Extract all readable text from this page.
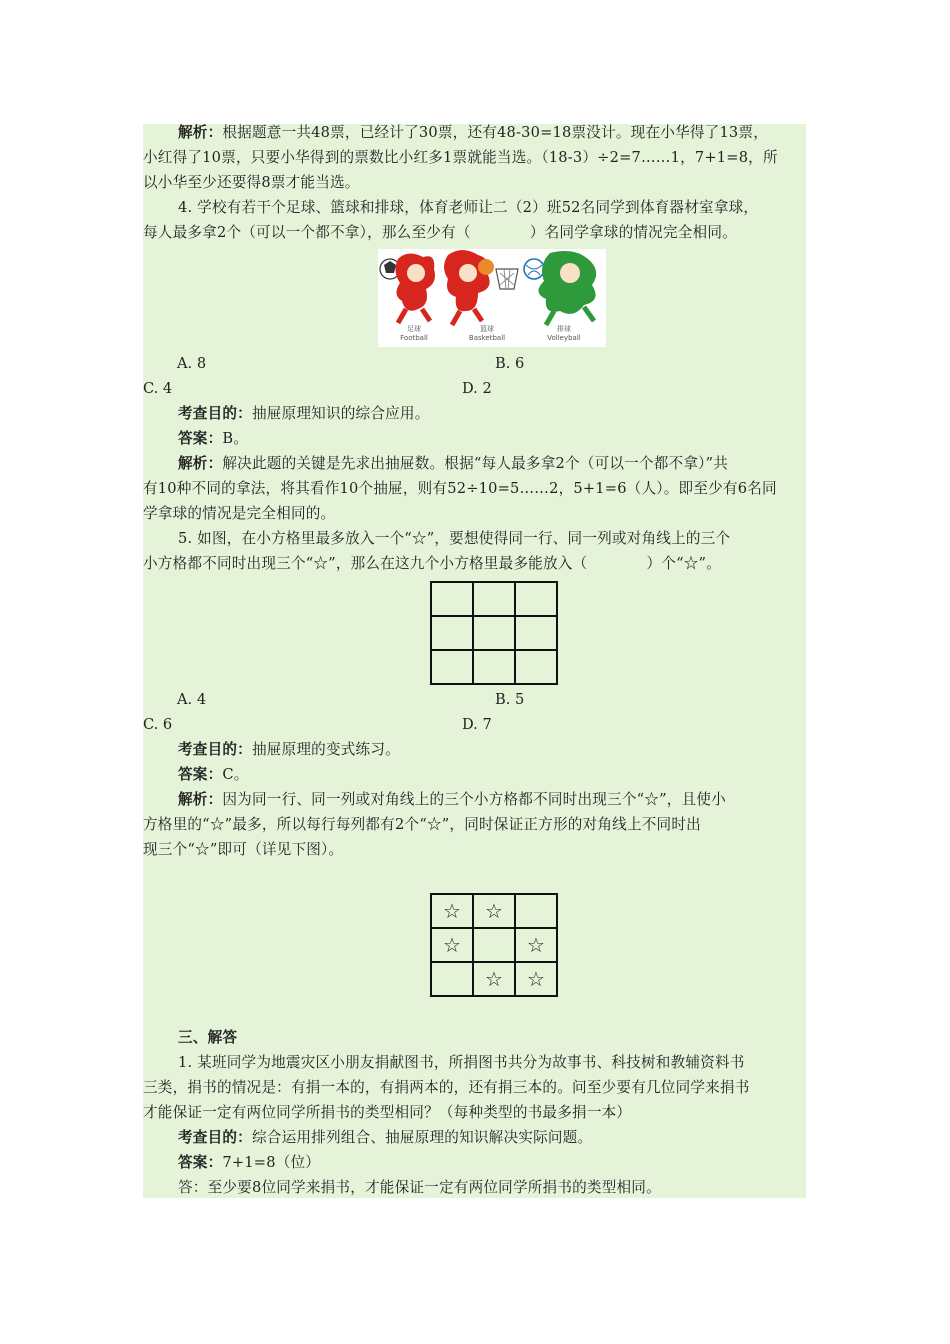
解析：根据题意一共48票，已经计了30票，还有48-30=18票没计。现在小华得了13票，
小红得了10票，只要小华得到的票数比小红多1票就能当选。（18-3）÷2=7……1，7+1=8，所
以小华至少还要得8票才能当选。
4. 学校有若干个足球、篮球和排球，体育老师让二（2）班52名同学到体育器材室拿球，
每人最多拿2个（可以一个都不拿），那么至少有（　　　　）名同学拿球的情况完全相同。
足球
Football
篮球
Basketball
排球
Volleyball
A. 8	B. 6
C. 4	D. 2
考查目的：抽屉原理知识的综合应用。
答案：B。
解析：解决此题的关键是先求出抽屉数。根据“每人最多拿2个（可以一个都不拿）”共
有10种不同的拿法，将其看作10个抽屉，则有52÷10=5……2，5+1=6（人）。即至少有6名同
学拿球的情况是完全相同的。
5. 如图，在小方格里最多放入一个“☆”，要想使得同一行、同一列或对角线上的三个
小方格都不同时出现三个“☆”，那么在这九个小方格里最多能放入（　　　　）个“☆”。

A. 4	B. 5
C. 6	D. 7
考查目的：抽屉原理的变式练习。
答案：C。
解析：因为同一行、同一列或对角线上的三个小方格都不同时出现三个“☆”，且使小
方格里的“☆”最多，所以每行每列都有2个“☆”，同时保证正方形的对角线上不同时出
现三个“☆”即可（详见下图）。
☆	☆	
☆		☆
	☆	☆
三、解答
1. 某班同学为地震灾区小朋友捐献图书，所捐图书共分为故事书、科技树和教辅资料书
三类，捐书的情况是：有捐一本的，有捐两本的，还有捐三本的。问至少要有几位同学来捐书
才能保证一定有两位同学所捐书的类型相同？（每种类型的书最多捐一本）
考查目的：综合运用排列组合、抽屉原理的知识解决实际问题。
答案：7+1=8（位）
答：至少要8位同学来捐书，才能保证一定有两位同学所捐书的类型相同。
